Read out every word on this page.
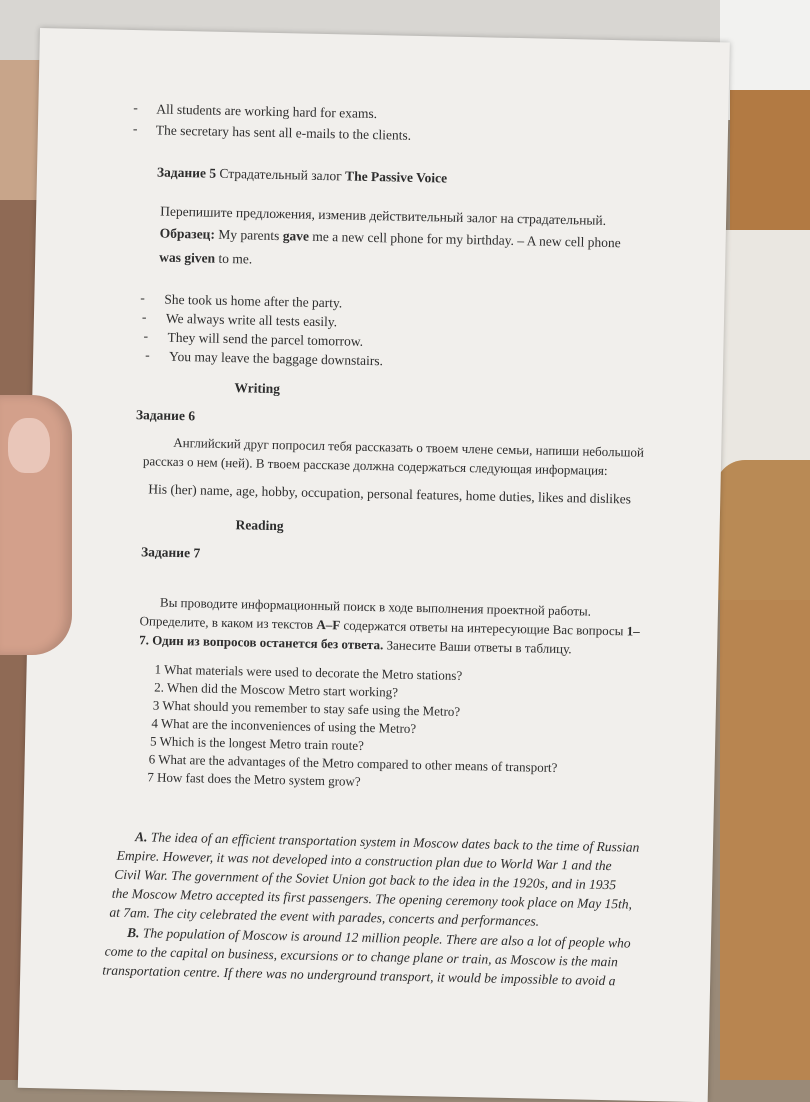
- All students are working hard for exams.
- The secretary has sent all e-mails to the clients.
Задание 5 Страдательный залог The Passive Voice
Перепишите предложения, изменив действительный залог на страдательный.
Образец: My parents gave me a new cell phone for my birthday. – A new cell phone
was given to me.
- She took us home after the party.
- We always write all tests easily.
- They will send the parcel tomorrow.
- You may leave the baggage downstairs.
Writing
Задание 6
Английский друг попросил тебя рассказать о твоем члене семьи, напиши небольшой
рассказ о нем (ней). В твоем рассказе должна содержаться следующая информация:
His (her) name, age, hobby, occupation, personal features, home duties, likes and dislikes
Reading
Задание 7
Вы проводите информационный поиск в ходе выполнения проектной работы.
Определите, в каком из текстов A–F содержатся ответы на интересующие Вас вопросы 1–
7. Один из вопросов останется без ответа. Занесите Ваши ответы в таблицу.
1 What materials were used to decorate the Metro stations?
2. When did the Moscow Metro start working?
3 What should you remember to stay safe using the Metro?
4 What are the inconveniences of using the Metro?
5 Which is the longest Metro train route?
6 What are the advantages of the Metro compared to other means of transport?
7 How fast does the Metro system grow?
A. The idea of an efficient transportation system in Moscow dates back to the time of Russian
Empire. However, it was not developed into a construction plan due to World War 1 and the
Civil War. The government of the Soviet Union got back to the idea in the 1920s, and in 1935
the Moscow Metro accepted its first passengers. The opening ceremony took place on May 15th,
at 7am. The city celebrated the event with parades, concerts and performances.
B. The population of Moscow is around 12 million people. There are also a lot of people who
come to the capital on business, excursions or to change plane or train, as Moscow is the main
transportation centre. If there was no underground transport, it would be impossible to avoid a
